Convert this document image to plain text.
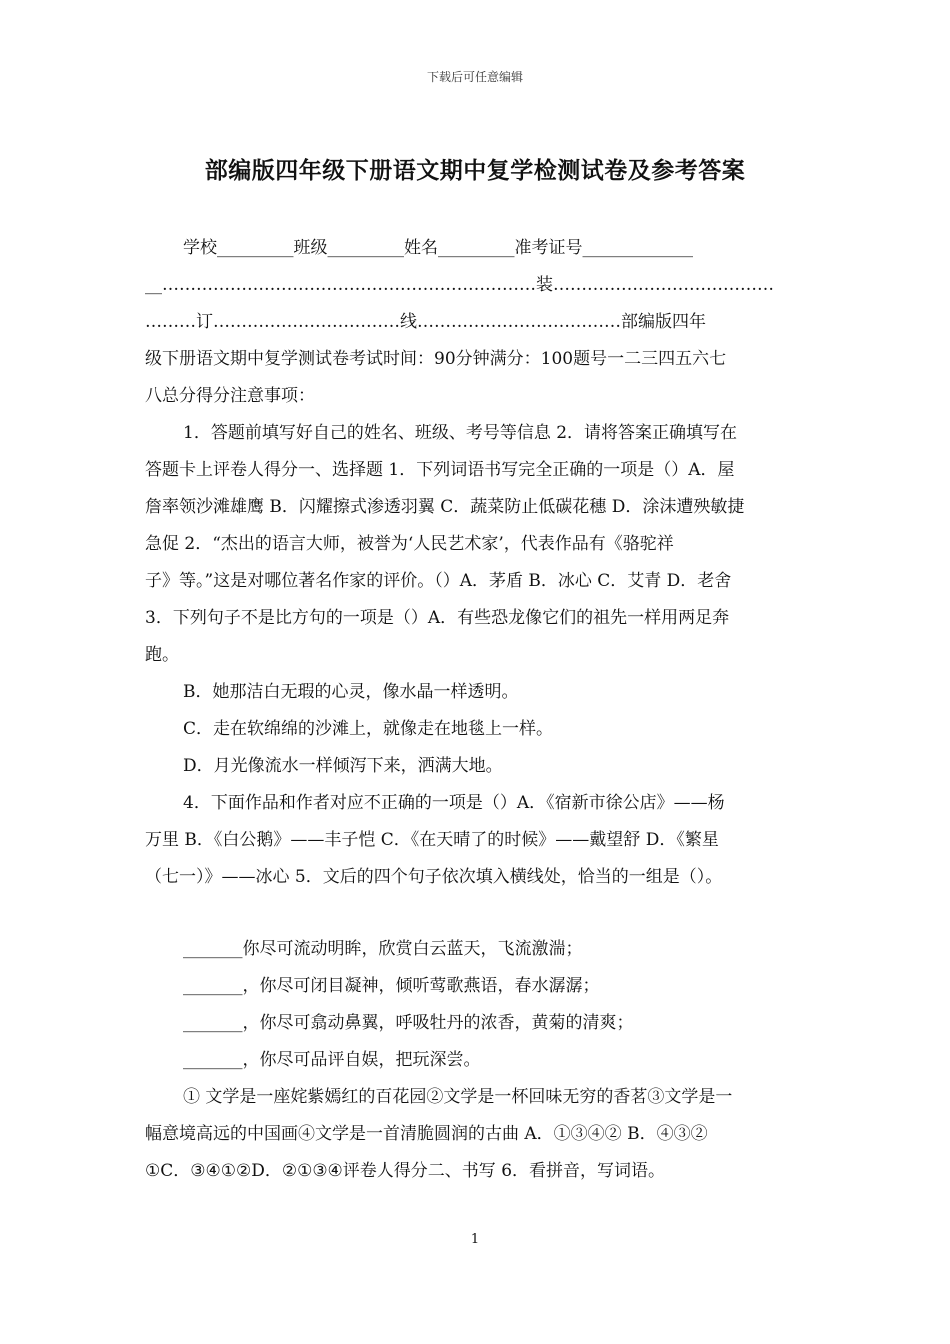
下载后可任意编辑
部编版四年级下册语文期中复学检测试卷及参考答案
学校_________班级_________姓名_________准考证号_____________
__…………………………………………………………装…………………………………
………订……………………………线………………………………部编版四年
级下册语文期中复学测试卷考试时间：90分钟满分：100题号一二三四五六七
八总分得分注意事项：
1．答题前填写好自己的姓名、班级、考号等信息 2．请将答案正确填写在
答题卡上评卷人得分一、选择题 1．下列词语书写完全正确的一项是（）A．屋
詹率领沙滩雄鹰 B．闪耀擦式渗透羽翼 C．蔬菜防止低碳花穗 D．涂沫遭殃敏捷
急促 2．“杰出的语言大师，被誉为‘人民艺术家’，代表作品有《骆驼祥
子》等。”这是对哪位著名作家的评价。（）A．茅盾 B．冰心 C．艾青 D．老舍
3．下列句子不是比方句的一项是（）A．有些恐龙像它们的祖先一样用两足奔
跑。
B．她那洁白无瑕的心灵，像水晶一样透明。
C．走在软绵绵的沙滩上，就像走在地毯上一样。
D．月光像流水一样倾泻下来，洒满大地。
4．下面作品和作者对应不正确的一项是（）A．《宿新市徐公店》——杨
万里 B．《白公鹅》——丰子恺 C．《在天晴了的时候》——戴望舒 D．《繁星
（七一）》——冰心 5．文后的四个句子依次填入横线处，恰当的一组是（）。
_______你尽可流动明眸，欣赏白云蓝天，飞流激湍；
_______，你尽可闭目凝神，倾听莺歌燕语，春水潺潺；
_______，你尽可翕动鼻翼，呼吸牡丹的浓香，黄菊的清爽；
_______，你尽可品评自娱，把玩深尝。
① 文学是一座姹紫嫣红的百花园②文学是一杯回味无穷的香茗③文学是一
幅意境高远的中国画④文学是一首清脆圆润的古曲 A．①③④② B．④③②
①C．③④①②D．②①③④评卷人得分二、书写 6．看拼音，写词语。
1
